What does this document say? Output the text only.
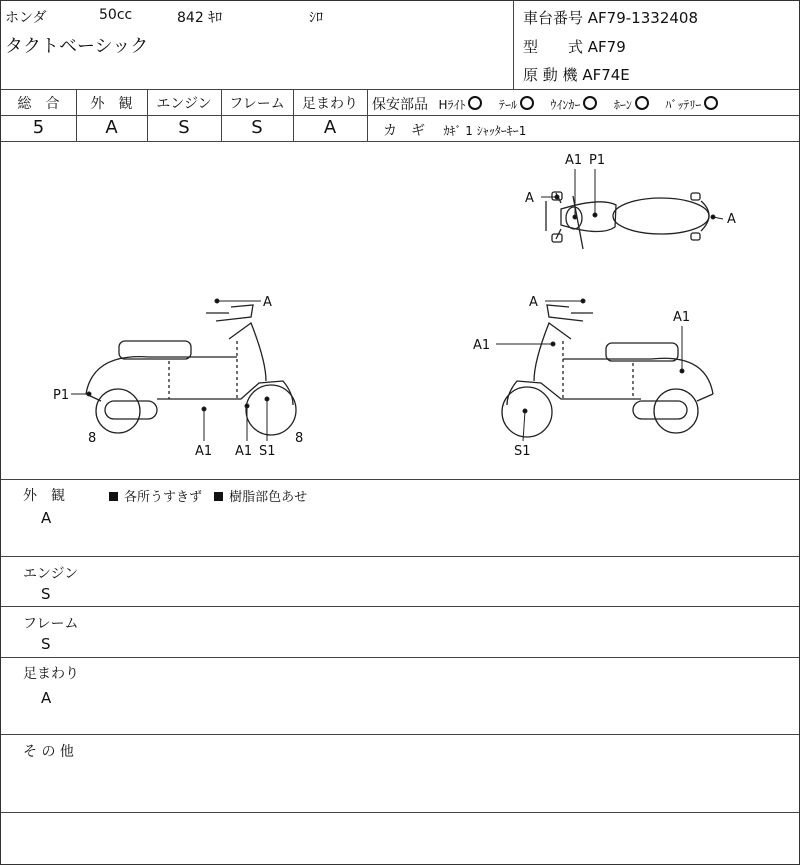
ホンダ	50cc	842 ｷﾛ	ｼﾛ
タクトベーシック
車台番号 AF79-1332408
型　　式 AF79
原 動 機 AF74E
総　合	外　観	エンジン	フレーム	足まわり
5	A	S	S	A
保安部品 Hﾗｲﾄ	ﾃｰﾙ	ｳｲﾝｶｰ	ﾎｰﾝ	ﾊﾞｯﾃﾘｰ
カ　ギ ｶｷﾞ 1 ｼｬｯﾀｰｷｰ1
A1 P1
A
A
A
P1
8
A1 A1 S1
8
A
A1
A1
S1
外　観	各所うすきず 樹脂部色あせ
A
エンジン
S
フレーム
S
足まわり
A
そ の 他
